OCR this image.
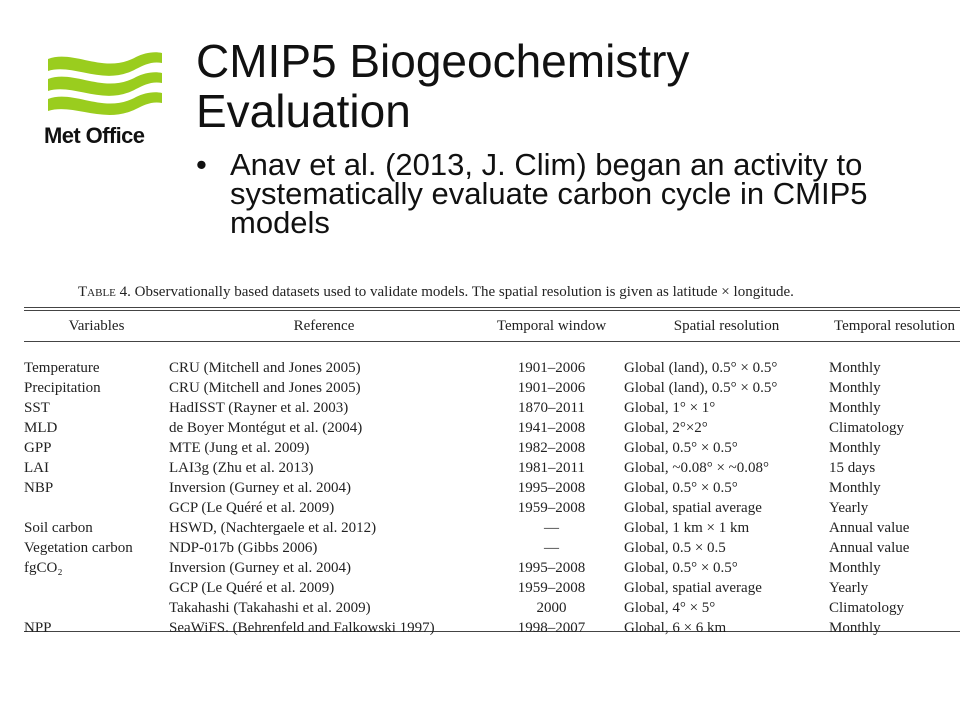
Met Office
CMIP5 Biogeochemistry Evaluation
• Anav et al. (2013, J. Clim) began an activity to systematically evaluate carbon cycle in CMIP5 models
Table 4. Observationally based datasets used to validate models. The spatial resolution is given as latitude × longitude.
Variables	Reference	Temporal window	Spatial resolution	Temporal resolution

Temperature	CRU (Mitchell and Jones 2005)	1901–2006	Global (land), 0.5° × 0.5°	Monthly
Precipitation	CRU (Mitchell and Jones 2005)	1901–2006	Global (land), 0.5° × 0.5°	Monthly
SST	HadISST (Rayner et al. 2003)	1870–2011	Global, 1° × 1°	Monthly
MLD	de Boyer Montégut et al. (2004)	1941–2008	Global, 2°×2°	Climatology
GPP	MTE (Jung et al. 2009)	1982–2008	Global, 0.5° × 0.5°	Monthly
LAI	LAI3g (Zhu et al. 2013)	1981–2011	Global, ~0.08° × ~0.08°	15 days
NBP	Inversion (Gurney et al. 2004)	1995–2008	Global, 0.5° × 0.5°	Monthly
	GCP (Le Quéré et al. 2009)	1959–2008	Global, spatial average	Yearly
Soil carbon	HSWD, (Nachtergaele et al. 2012)	—	Global, 1 km × 1 km	Annual value
Vegetation carbon	NDP-017b (Gibbs 2006)	—	Global, 0.5 × 0.5	Annual value
fgCO₂	Inversion (Gurney et al. 2004)	1995–2008	Global, 0.5° × 0.5°	Monthly
	GCP (Le Quéré et al. 2009)	1959–2008	Global, spatial average	Yearly
	Takahashi (Takahashi et al. 2009)	2000	Global, 4° × 5°	Climatology
NPP	SeaWiFS. (Behrenfeld and Falkowski 1997)	1998–2007	Global, 6 × 6 km	Monthly
